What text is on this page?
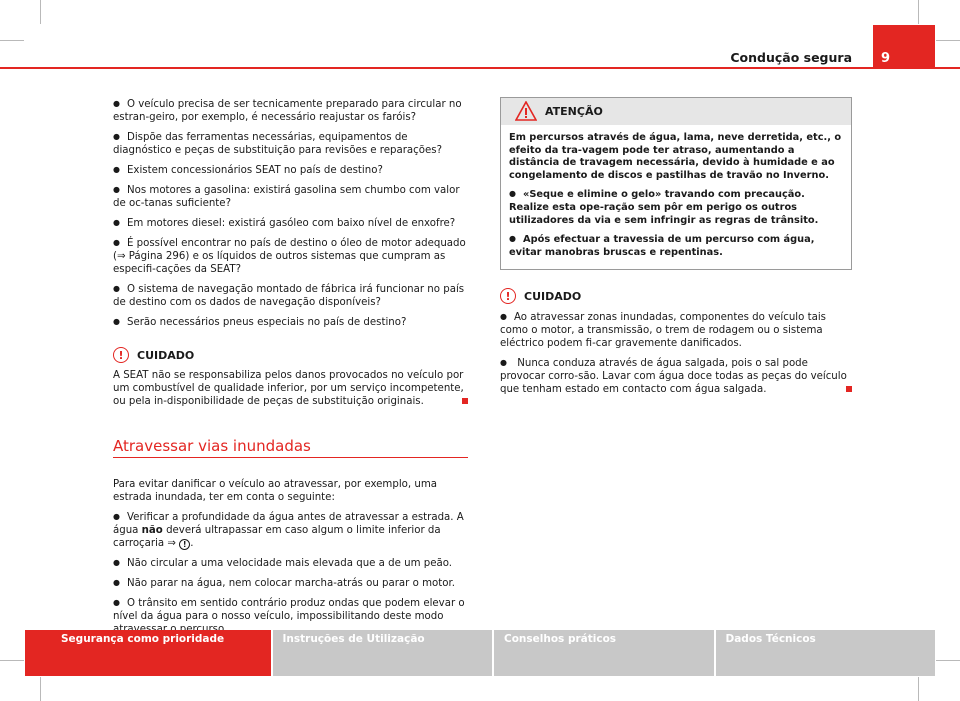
Condução segura	9

● O veículo precisa de ser tecnicamente preparado para circular no estran-geiro, por exemplo, é necessário reajustar os faróis?

● Dispõe das ferramentas necessárias, equipamentos de diagnóstico e peças de substituição para revisões e reparações?

● Existem concessionários SEAT no país de destino?

● Nos motores a gasolina: existirá gasolina sem chumbo com valor de oc-tanas suficiente?

● Em motores diesel: existirá gasóleo com baixo nível de enxofre?

● É possível encontrar no país de destino o óleo de motor adequado (⇒ Página 296) e os líquidos de outros sistemas que cumpram as especifi-cações da SEAT?

● O sistema de navegação montado de fábrica irá funcionar no país de destino com os dados de navegação disponíveis?

● Serão necessários pneus especiais no país de destino?

!	CUIDADO

A SEAT não se responsabiliza pelos danos provocados no veículo por um combustível de qualidade inferior, por um serviço incompetente, ou pela in-disponibilidade de peças de substituição originais.

Atravessar vias inundadas

Para evitar danificar o veículo ao atravessar, por exemplo, uma estrada inundada, ter em conta o seguinte:

● Verificar a profundidade da água antes de atravessar a estrada. A água não deverá ultrapassar em caso algum o limite inferior da carroçaria ⇒ ! .

● Não circular a uma velocidade mais elevada que a de um peão.

● Não parar na água, nem colocar marcha-atrás ou parar o motor.

● O trânsito em sentido contrário produz ondas que podem elevar o nível da água para o nosso veículo, impossibilitando deste modo

ATENÇÃO

Em percursos através de água, lama, neve derretida, etc., o efeito da tra-vagem pode ter atraso, aumentando a distância de travagem necessária, devido à humidade e ao congelamento de discos e pastilhas de travão no Inverno.

● «Seque e elimine o gelo» travando com precaução. Realize esta ope-ração sem pôr em perigo os outros utilizadores da via e sem infringir as regras de trânsito.

● Após efectuar a travessia de um percurso com água, evitar manobras bruscas e repentinas.

!	CUIDADO

● Ao atravessar zonas inundadas, componentes do veículo tais como o motor, a transmissão, o trem de rodagem ou o sistema eléctrico podem fi-car gravemente danificados.

● Nunca conduza através de água salgada, pois o sal pode provocar corro-são. Lavar com água doce todas as peças do veículo que tenham estado em contacto com água salgada.

Segurança como prioridade	Instruções de Utilização	Conselhos práticos	Dados Técnicos
